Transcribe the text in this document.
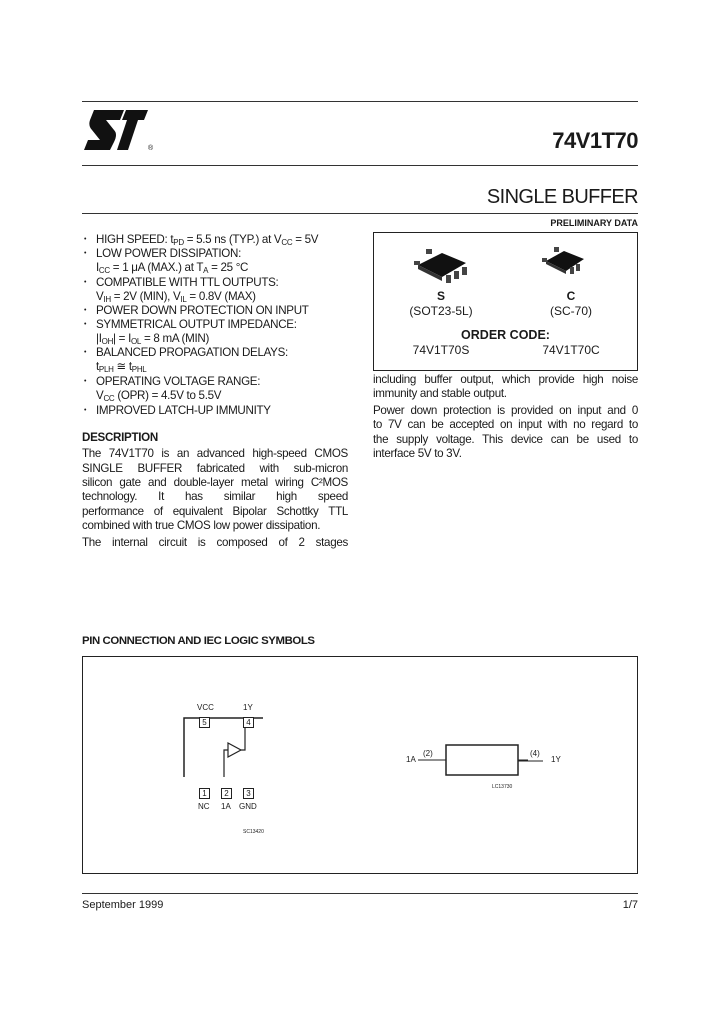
®	74V1T70
SINGLE BUFFER
PRELIMINARY DATA
• HIGH SPEED: $t_{PD} = 5.5$ ns (TYP.) at $V_{CC} = 5V$
• LOW POWER DISSIPATION:
$I_{CC} = 1$ μA (MAX.) at $T_A = 25$ °C
• COMPATIBLE WITH TTL OUTPUTS:
$V_{IH} = 2V$ (MIN), $V_{IL} = 0.8V$ (MAX)
• POWER DOWN PROTECTION ON INPUT
• SYMMETRICAL OUTPUT IMPEDANCE:
$|I_{OH}| = I_{OL} = 8$ mA (MIN)
• BALANCED PROPAGATION DELAYS:
$t_{PLH}$ ≅ $t_{PHL}$
• OPERATING VOLTAGE RANGE:
$V_{CC}$ (OPR) = 4.5V to 5.5V
• IMPROVED LATCH-UP IMMUNITY
S
(SOT23-5L)
C
(SC-70)
ORDER CODE:
74V1T70S	74V1T70C
DESCRIPTION
The 74V1T70 is an advanced high-speed CMOS
SINGLE BUFFER fabricated with sub-micron
silicon gate and double-layer metal wiring C²MOS
technology. It has similar high speed
performance of equivalent Bipolar Schottky TTL
combined with true CMOS low power dissipation.
The internal circuit is composed of 2 stages
including buffer output, which provide high noise
immunity and stable output.
Power down protection is provided on input and 0
to 7V can be accepted on input with no regard to
the supply voltage. This device can be used to
interface 5V to 3V.
PIN CONNECTION AND IEC LOGIC SYMBOLS
5	4
1	2	3
VCC	1Y
NC 1A GND
SC13420
1A
(2)	(4)
1Y
LC13730
September 1999	1/7
